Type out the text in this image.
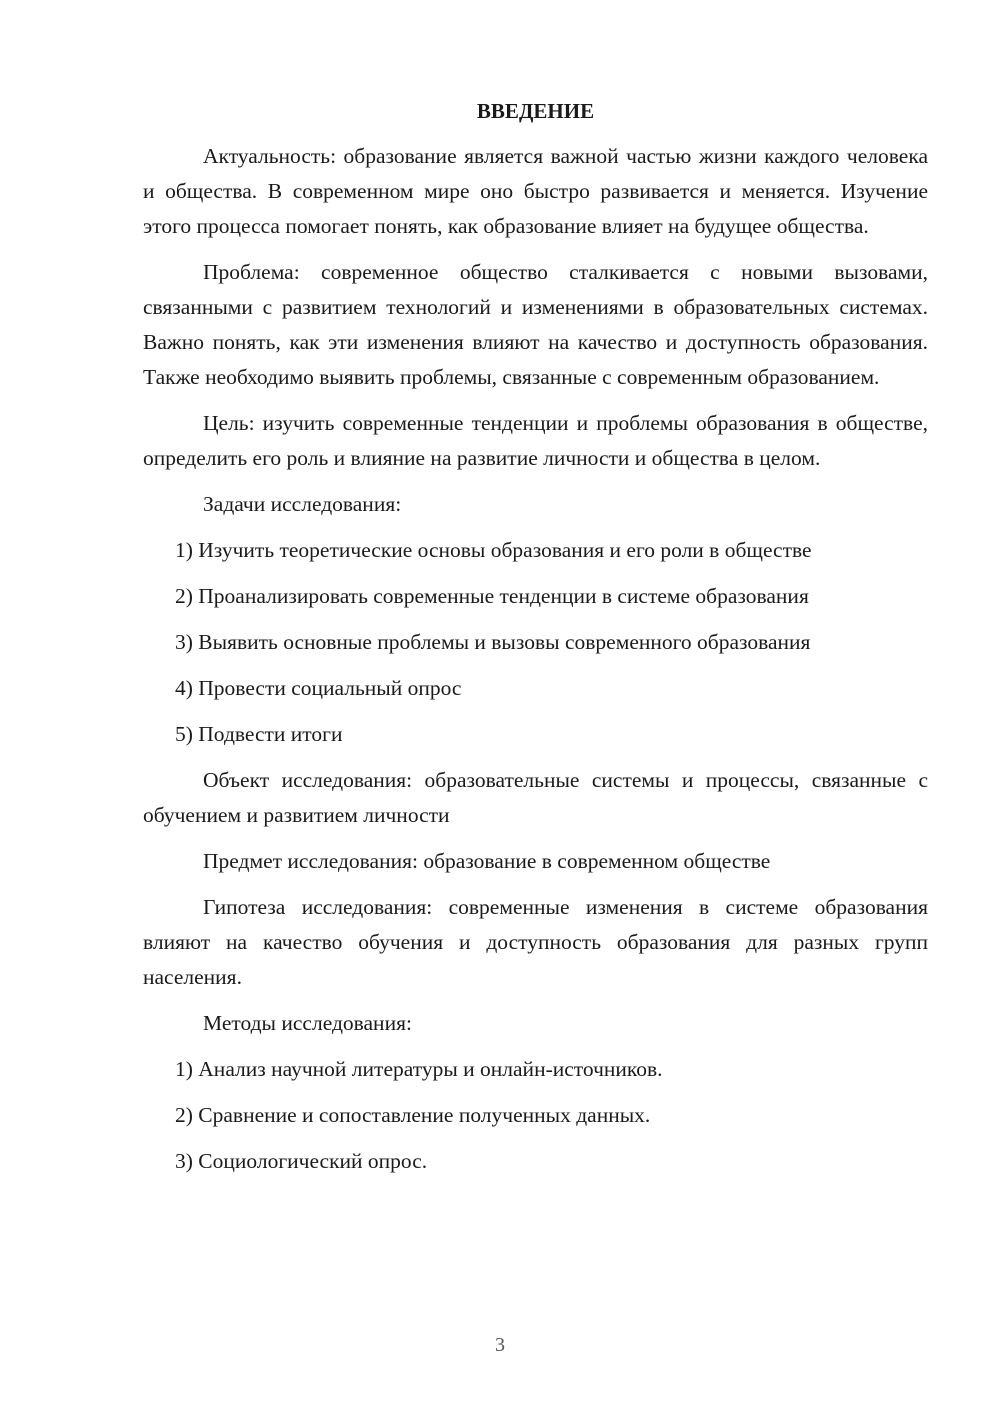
ВВЕДЕНИЕ

Актуальность: образование является важной частью жизни каждого человека и общества. В современном мире оно быстро развивается и меняется. Изучение этого процесса помогает понять, как образование влияет на будущее общества.

Проблема: современное общество сталкивается с новыми вызовами, связанными с развитием технологий и изменениями в образовательных системах. Важно понять, как эти изменения влияют на качество и доступность образования. Также необходимо выявить проблемы, связанные с современным образованием.

Цель: изучить современные тенденции и проблемы образования в обществе, определить его роль и влияние на развитие личности и общества в целом.

Задачи исследования:
1) Изучить теоретические основы образования и его роли в обществе
2) Проанализировать современные тенденции в системе образования
3) Выявить основные проблемы и вызовы современного образования
4) Провести социальный опрос
5) Подвести итоги

Объект исследования: образовательные системы и процессы, связанные с обучением и развитием личности

Предмет исследования: образование в современном обществе

Гипотеза исследования: современные изменения в системе образования влияют на качество обучения и доступность образования для разных групп населения.

Методы исследования:
1) Анализ научной литературы и онлайн-источников.
2) Сравнение и сопоставление полученных данных.
3) Социологический опрос.
3
